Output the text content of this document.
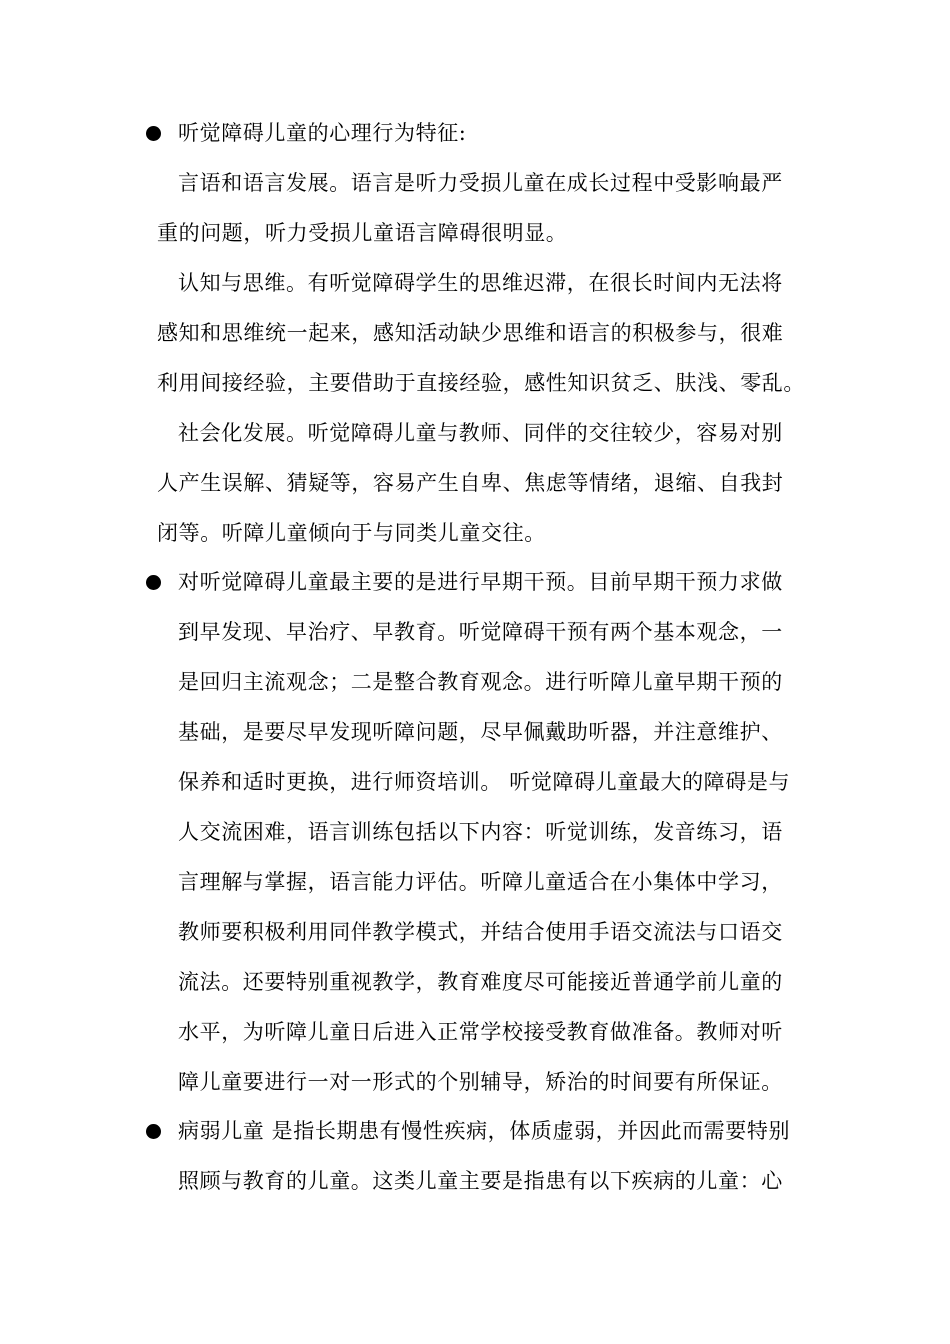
听觉障碍儿童的心理行为特征:
言语和语言发展。语言是听力受损儿童在成长过程中受影响最严
重的问题，听力受损儿童语言障碍很明显。
认知与思维。有听觉障碍学生的思维迟滞，在很长时间内无法将
感知和思维统一起来，感知活动缺少思维和语言的积极参与，很难
利用间接经验，主要借助于直接经验，感性知识贫乏、肤浅、零乱。
社会化发展。听觉障碍儿童与教师、同伴的交往较少，容易对别
人产生误解、猜疑等，容易产生自卑、焦虑等情绪，退缩、自我封
闭等。听障儿童倾向于与同类儿童交往。
对听觉障碍儿童最主要的是进行早期干预。目前早期干预力求做
到早发现、早治疗、早教育。听觉障碍干预有两个基本观念，一
是回归主流观念；二是整合教育观念。进行听障儿童早期干预的
基础，是要尽早发现听障问题，尽早佩戴助听器，并注意维护、
保养和适时更换，进行师资培训。 听觉障碍儿童最大的障碍是与
人交流困难，语言训练包括以下内容：听觉训练，发音练习，语
言理解与掌握，语言能力评估。听障儿童适合在小集体中学习，
教师要积极利用同伴教学模式，并结合使用手语交流法与口语交
流法。还要特别重视教学，教育难度尽可能接近普通学前儿童的
水平，为听障儿童日后进入正常学校接受教育做准备。教师对听
障儿童要进行一对一形式的个别辅导，矫治的时间要有所保证。
病弱儿童 是指长期患有慢性疾病，体质虚弱，并因此而需要特别
照顾与教育的儿童。这类儿童主要是指患有以下疾病的儿童：心
